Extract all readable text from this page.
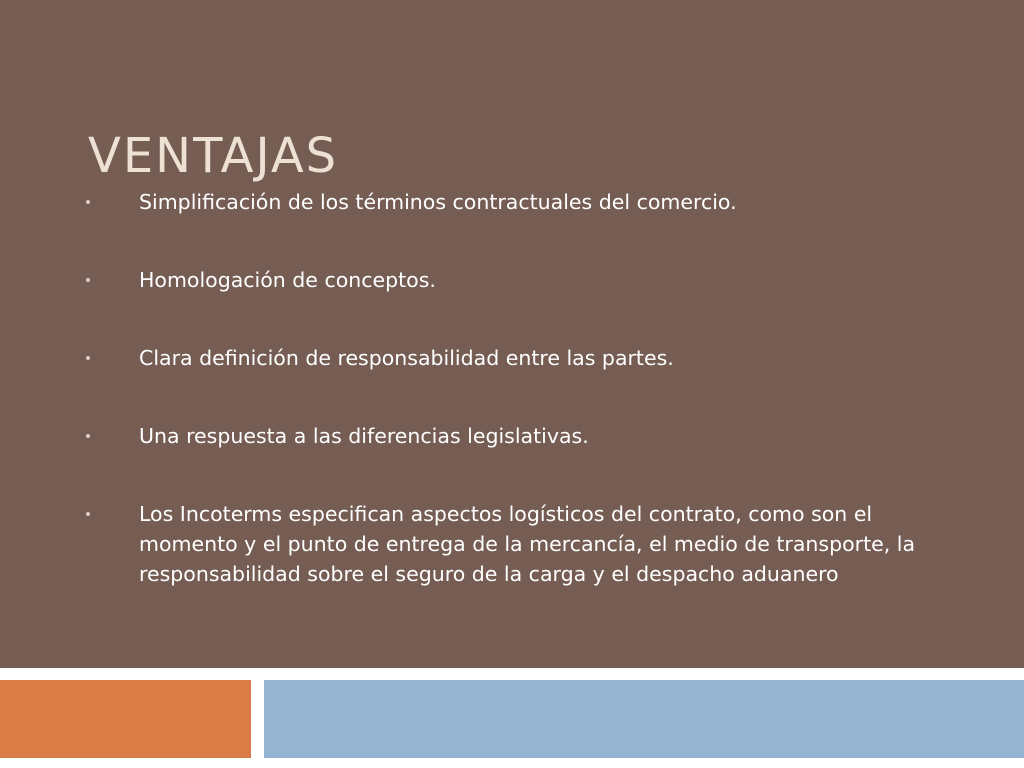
VENTAJAS
Simplificación de los términos contractuales del comercio.
Homologación de conceptos.
Clara definición de responsabilidad entre las partes.
Una respuesta a las diferencias legislativas.
Los Incoterms especifican aspectos logísticos del contrato, como son el momento y el punto de entrega de la mercancía, el medio de transporte, la responsabilidad sobre el seguro de la carga y el despacho aduanero
